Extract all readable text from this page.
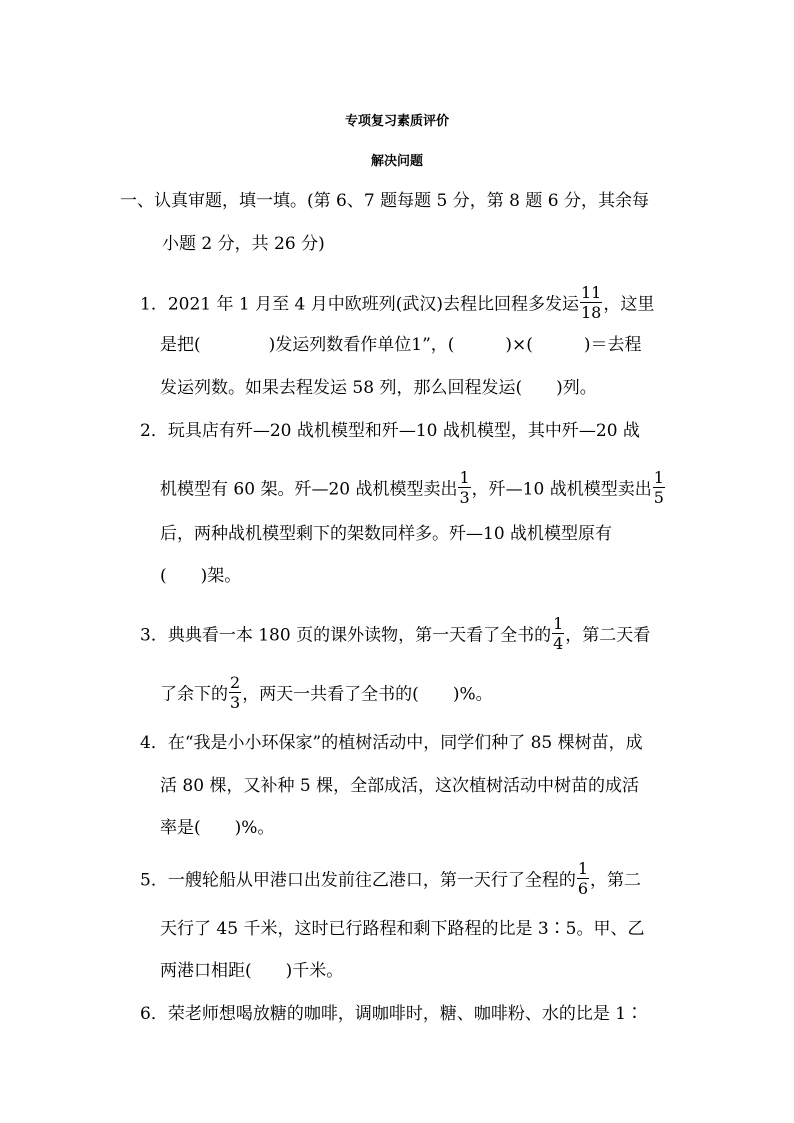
专项复习素质评价
解决问题
一、认真审题，填一填。(第 6、7 题每题 5 分，第 8 题 6 分，其余每
小题 2 分，共 26 分)
1．2021 年 1 月至 4 月中欧班列(武汉)去程比回程多发运 $\frac{11}{18}$ ，这里
是把(　　　　)发运列数看作单位1”，(　　　)×(　　　)＝去程
发运列数。如果去程发运 58 列，那么回程发运(　　)列。
2．玩具店有歼—20 战机模型和歼—10 战机模型，其中歼—20 战
机模型有 60 架。歼—20 战机模型卖出 $\frac{1}{3}$ ，歼—10 战机模型卖出 $\frac{1}{5}$
后，两种战机模型剩下的架数同样多。歼—10 战机模型原有
(　　)架。
3．典典看一本 180 页的课外读物，第一天看了全书的 $\frac{1}{4}$ ，第二天看
了余下的 $\frac{2}{3}$ ，两天一共看了全书的(　　)%。
4．在“我是小小环保家”的植树活动中，同学们种了 85 棵树苗，成
活 80 棵，又补种 5 棵，全部成活，这次植树活动中树苗的成活
率是(　　)%。
5．一艘轮船从甲港口出发前往乙港口，第一天行了全程的 $\frac{1}{6}$ ，第二
天行了 45 千米，这时已行路程和剩下路程的比是 3∶5。甲、乙
两港口相距(　　)千米。
6．荣老师想喝放糖的咖啡，调咖啡时，糖、咖啡粉、水的比是 1∶
